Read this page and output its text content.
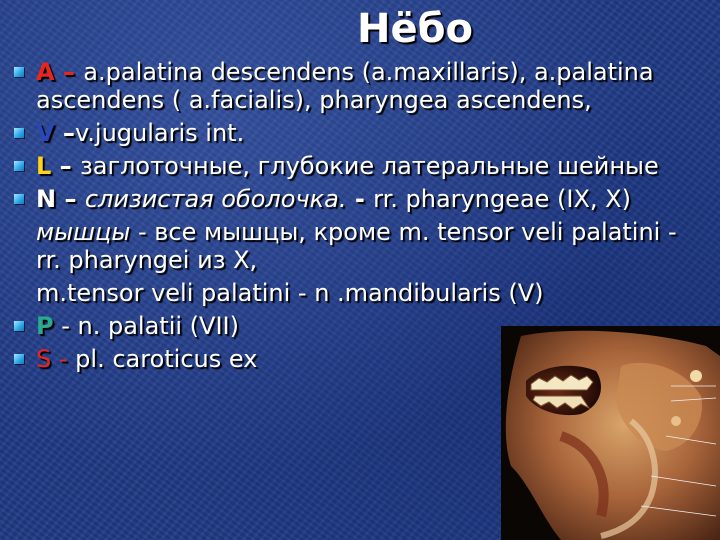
Нёбо
A – a.palatina descendens (a.maxillaris), a.palatina ascendens ( a.facialis), pharyngea ascendens,
V –v.jugularis int.
L – заглоточные, глубокие латеральные шейные
N – слизистая оболочка. - rr. pharyngeae (IX, X)
мышцы - все мышцы, кроме m. tensor veli palatini - rr. pharyngei из X,
m.tensor veli palatini - n .mandibularis (V)
P - n. palatii (VII)
S - pl. caroticus ex
